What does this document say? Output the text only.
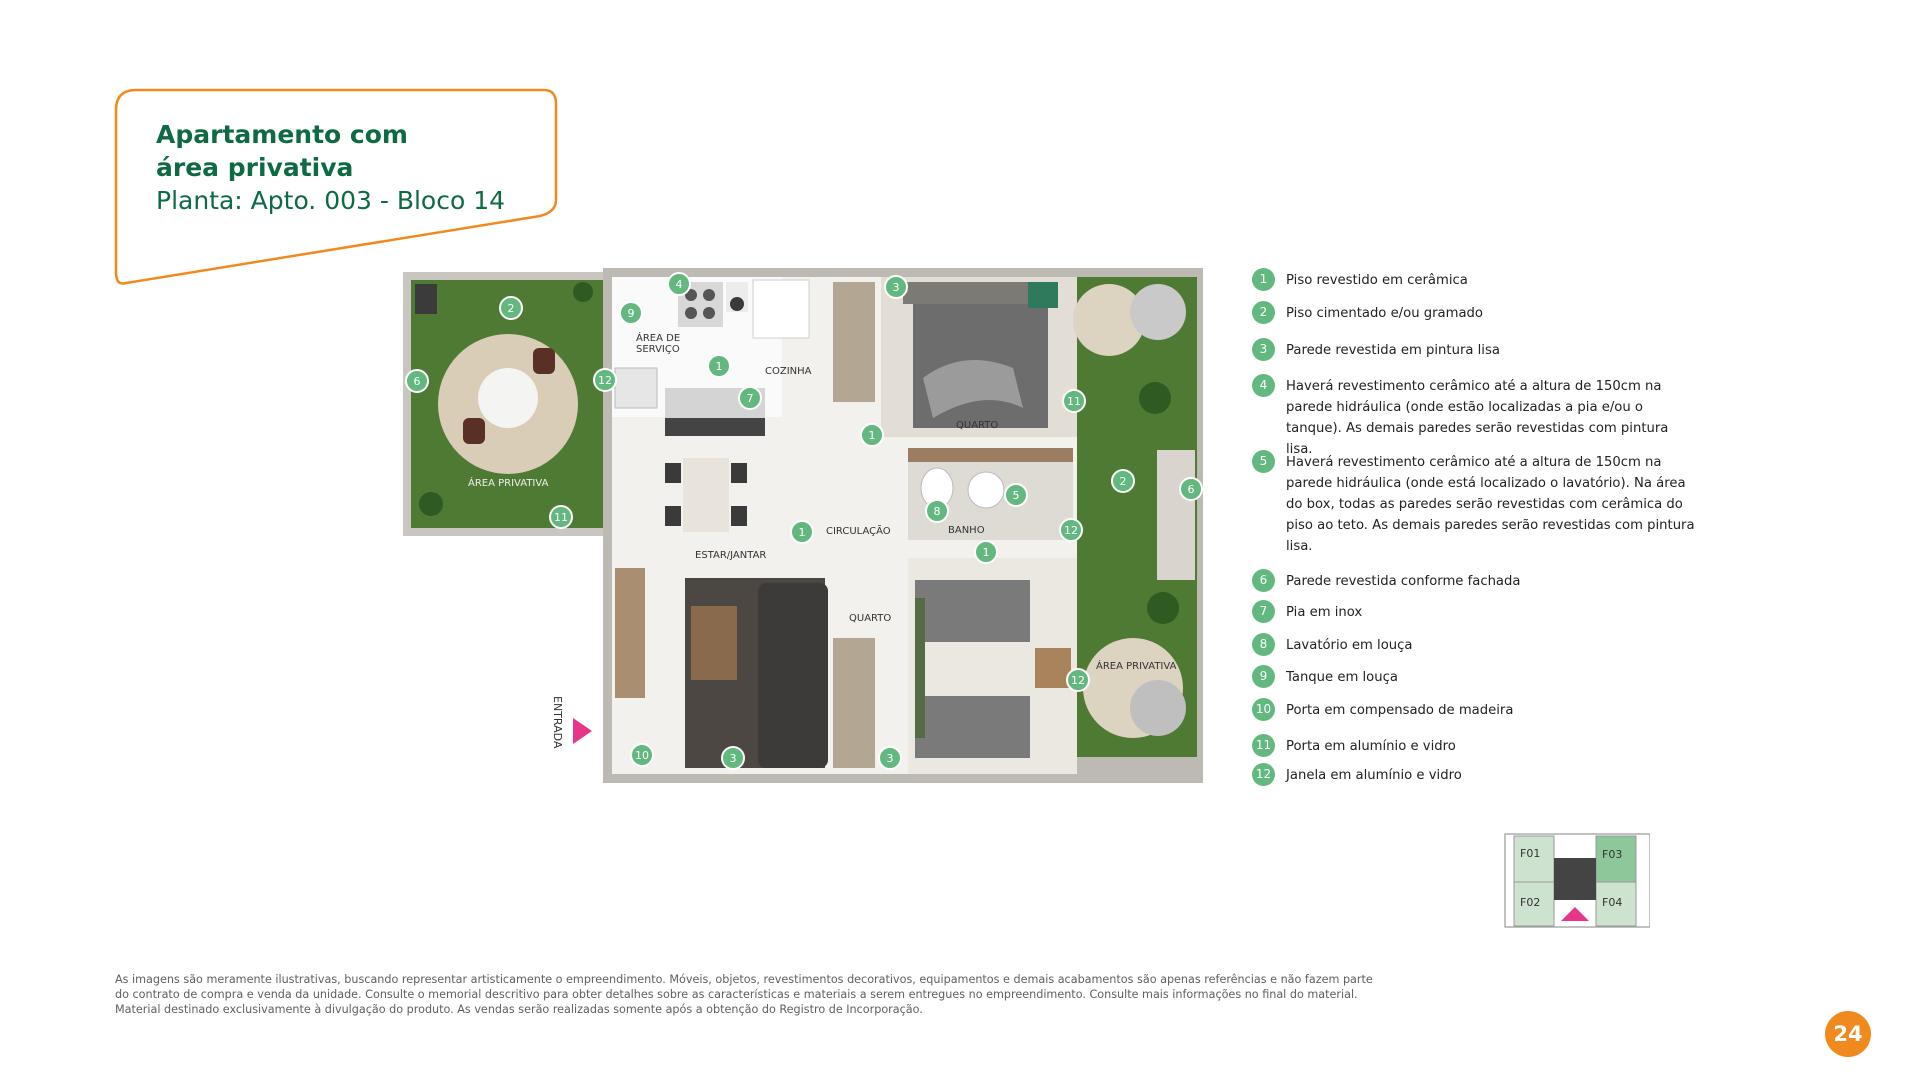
Apartamento com
área privativa
Planta: Apto. 003 - Bloco 14
ÁREA DE
SERVIÇO
COZINHA
QUARTO
CIRCULAÇÃO	BANHO
ESTAR/JANTAR
QUARTO
ÁREA PRIVATIVA
ÁREA PRIVATIVA
ENTRADA
2
6
11
9
4
12
1
7
3
1
11
2
6
8
5
12
1
1
12
10	3	3
1	Piso revestido em cerâmica
2	Piso cimentado e/ou gramado
3	Parede revestida em pintura lisa
4	Haverá revestimento cerâmico até a altura de 150cm na parede hidráulica (onde estão localizadas a pia e/ou o tanque). As demais paredes serão revestidas com pintura lisa.
5	Haverá revestimento cerâmico até a altura de 150cm na parede hidráulica (onde está localizado o lavatório). Na área do box, todas as paredes serão revestidas com cerâmica do piso ao teto. As demais paredes serão revestidas com pintura lisa.
6	Parede revestida conforme fachada
7	Pia em inox
8	Lavatório em louça
9	Tanque em louça
10 Porta em compensado de madeira
11 Porta em alumínio e vidro
12 Janela em alumínio e vidro
F01
F02
F03
F04
As imagens são meramente ilustrativas, buscando representar artisticamente o empreendimento. Móveis, objetos, revestimentos decorativos, equipamentos e demais acabamentos são apenas referências e não fazem parte
do contrato de compra e venda da unidade. Consulte o memorial descritivo para obter detalhes sobre as características e materiais a serem entregues no empreendimento. Consulte mais informações no final do material.
Material destinado exclusivamente à divulgação do produto. As vendas serão realizadas somente após a obtenção do Registro de Incorporação.
24
